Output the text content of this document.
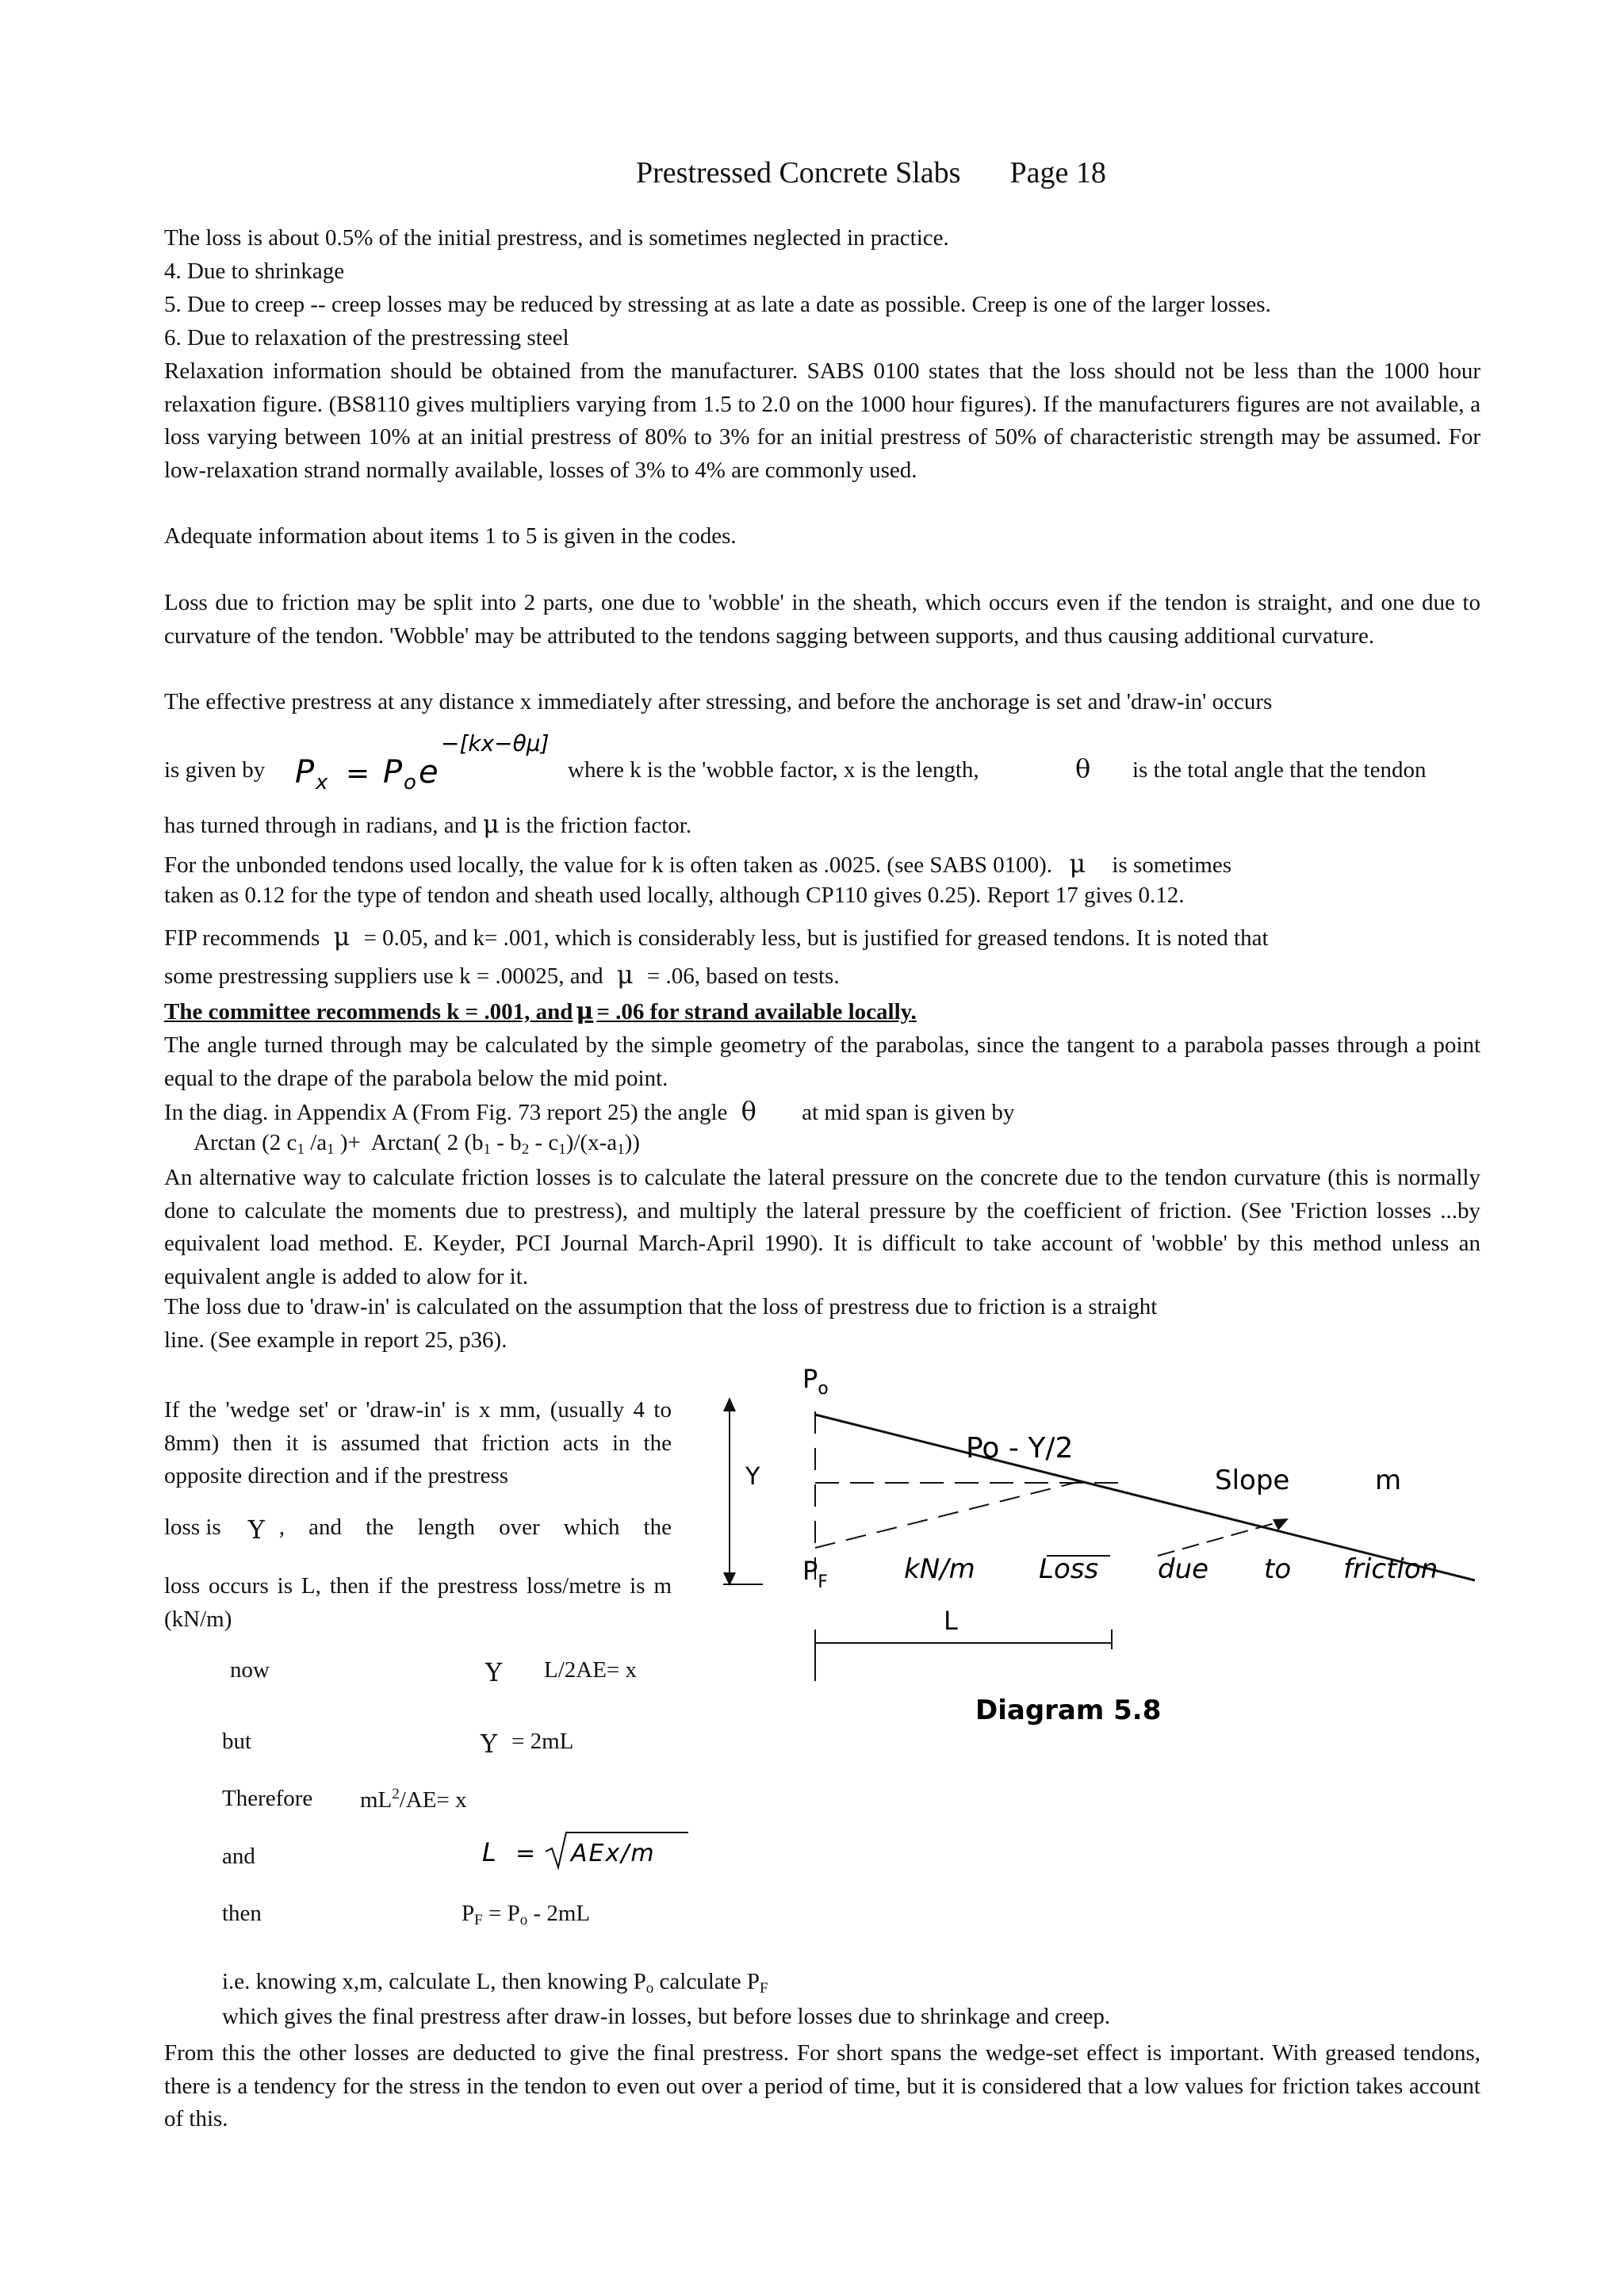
Prestressed Concrete Slabs Page 18

The loss is about 0.5% of the initial prestress, and is sometimes neglected in practice.

4. Due to shrinkage

5. Due to creep -- creep losses may be reduced by stressing at as late a date as possible. Creep is one of the larger losses.

6. Due to relaxation of the prestressing steel

Relaxation information should be obtained from the manufacturer. SABS 0100 states that the loss should not be less than the 1000 hour relaxation figure. (BS8110 gives multipliers varying from 1.5 to 2.0 on the 1000 hour figures). If the manufacturers figures are not available, a loss varying between 10% at an initial prestress of 80% to 3% for an initial prestress of 50% of characteristic strength may be assumed. For low-relaxation strand normally available, losses of 3% to 4% are commonly used.

Adequate information about items 1 to 5 is given in the codes.

Loss due to friction may be split into 2 parts, one due to 'wobble' in the sheath, which occurs even if the tendon is straight, and one due to curvature of the tendon. 'Wobble' may be attributed to the tendons sagging between supports, and thus causing additional curvature.

The effective prestress at any distance x immediately after stressing, and before the anchorage is set and 'draw-in' occurs

is given by P x = P o e
−[kx−θμ]
where k is the 'wobble factor, x is the length,	θ is the total angle that the tendon
has turned through in radians, and μ is the friction factor.
For the unbonded tendons used locally, the value for k is often taken as .0025. (see SABS 0100). μ is sometimes
taken as 0.12 for the type of tendon and sheath used locally, although CP110 gives 0.25). Report 17 gives 0.12.
FIP recommends μ = 0.05, and k= .001, which is considerably less, but is justified for greased tendons. It is noted that
some prestressing suppliers use k = .00025, and μ = .06, based on tests.
The committee recommends k = .001, and μ = .06 for strand available locally.

The angle turned through may be calculated by the simple geometry of the parabolas, since the tangent to a parabola passes through a point equal to the drape of the parabola below the mid point.

In the diag. in Appendix A (From Fig. 73 report 25) the angle θ at mid span is given by
Arctan (2 c1 /a1 )+  Arctan( 2 (b1 - b2 - c1)/(x-a1))

An alternative way to calculate friction losses is to calculate the lateral pressure on the concrete due to the tendon curvature (this is normally done to calculate the moments due to prestress), and multiply the lateral pressure by the coefficient of friction. (See 'Friction losses ...by equivalent load method. E. Keyder, PCI Journal March-April 1990). It is difficult to take account of 'wobble' by this method unless an equivalent angle is added to alow for it.

The loss due to 'draw-in' is calculated on the assumption that the loss of prestress due to friction is a straight
line. (See example in report 25, p36).

If the 'wedge set' or 'draw-in' is x mm, (usually 4 to 8mm) then it is assumed that friction acts in the opposite direction and if the prestress

loss is Y , and the length over which the

loss occurs is L, then if the prestress loss/metre is m (kN/m)

now	Y L/2AE= x
but	Y = 2mL
Therefore $mL^2/AE= x$
and	L = AEx/m
then	PF = Po - 2mL
i.e. knowing x,m, calculate L, then knowing Po calculate PF
which gives the final prestress after draw-in losses, but before losses due to shrinkage and creep.

From this the other losses are deducted to give the final prestress. For short spans the wedge-set effect is important. With greased tendons, there is a tendency for the stress in the tendon to even out over a period of time, but it is considered that a low values for friction takes account of this.

Y
$P_o$
Po - Y/2
Slope	m
$P_F$	kN/m Loss due to friction
L
Diagram 5.8
